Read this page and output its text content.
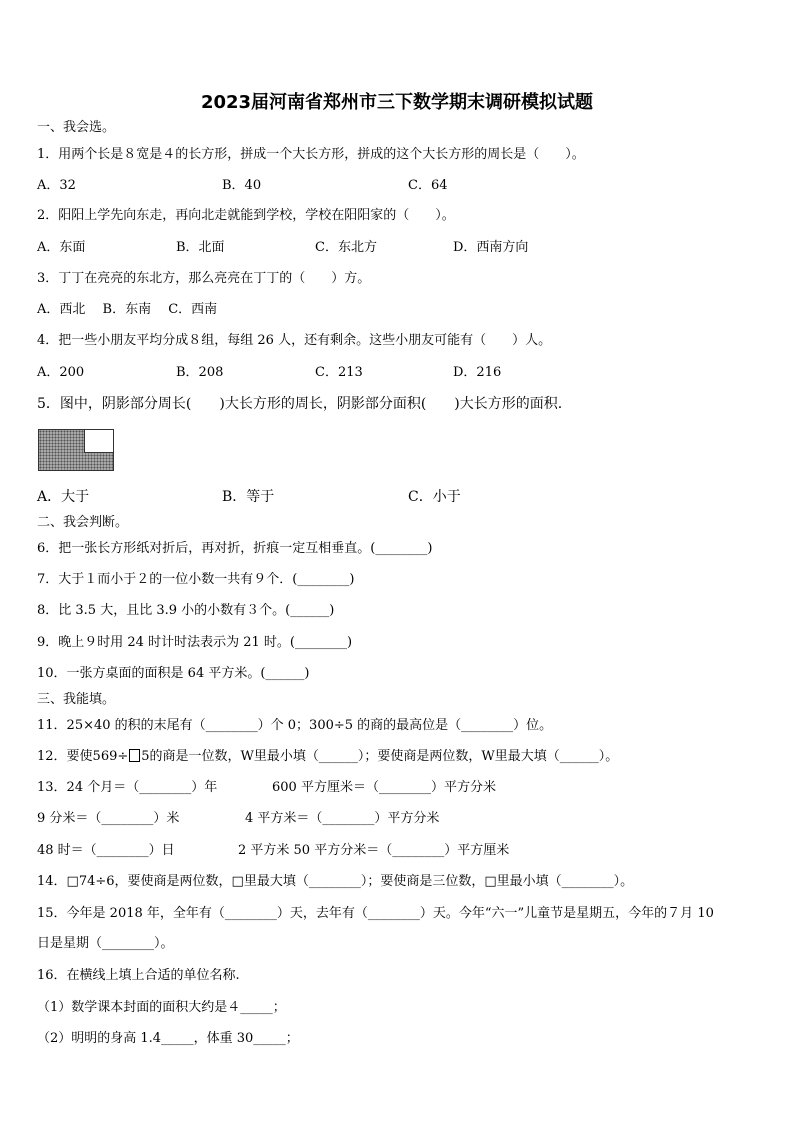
2023届河南省郑州市三下数学期末调研模拟试题
一、我会选。
1．用两个长是８宽是４的长方形，拼成一个大长方形，拼成的这个大长方形的周长是（　　）。
A．32	B．40	C．64
2．阳阳上学先向东走，再向北走就能到学校，学校在阳阳家的（　　）。
A．东面	B．北面	C．东北方	D．西南方向
3．丁丁在亮亮的东北方，那么亮亮在丁丁的（　　）方。
A．西北　 B．东南　 C．西南
4．把一些小朋友平均分成８组，每组 26 人，还有剩余。这些小朋友可能有（　　）人。
A．200	B．208	C．213	D．216
5．图中，阴影部分周长(　　)大长方形的周长，阴影部分面积(　　)大长方形的面积.
A．大于	B．等于	C．小于
二、我会判断。
6．把一张长方形纸对折后，再对折，折痕一定互相垂直。(________)
7．大于１而小于２的一位小数一共有９个．(________)
8．比 3.5 大，且比 3.9 小的小数有３个。(______)
9．晚上９时用 24 时计时法表示为 21 时。(________)
10．一张方桌面的面积是 64 平方米。(______)
三、我能填。
11．25×40 的积的末尾有（________）个 0；300÷5 的商的最高位是（________）位。
12．要使569÷ 5的商是一位数，W里最小填（______）；要使商是两位数，W里最大填（______）。
13．24 个月＝（________）年	600 平方厘米＝（________）平方分米
9 分米＝（________）米	4 平方米＝（________）平方分米
48 时＝（________）日	2 平方米 50 平方分米＝（________）平方厘米
14．□74÷6，要使商是两位数，□里最大填（________）；要使商是三位数，□里最小填（________）。
15．今年是 2018 年，全年有（________）天，去年有（________）天。今年“六一”儿童节是星期五，今年的７月 10
日是星期（________）。
16．在横线上填上合适的单位名称.
（1）数学课本封面的面积大约是４_____；
（2）明明的身高 1.4_____，体重 30_____；
